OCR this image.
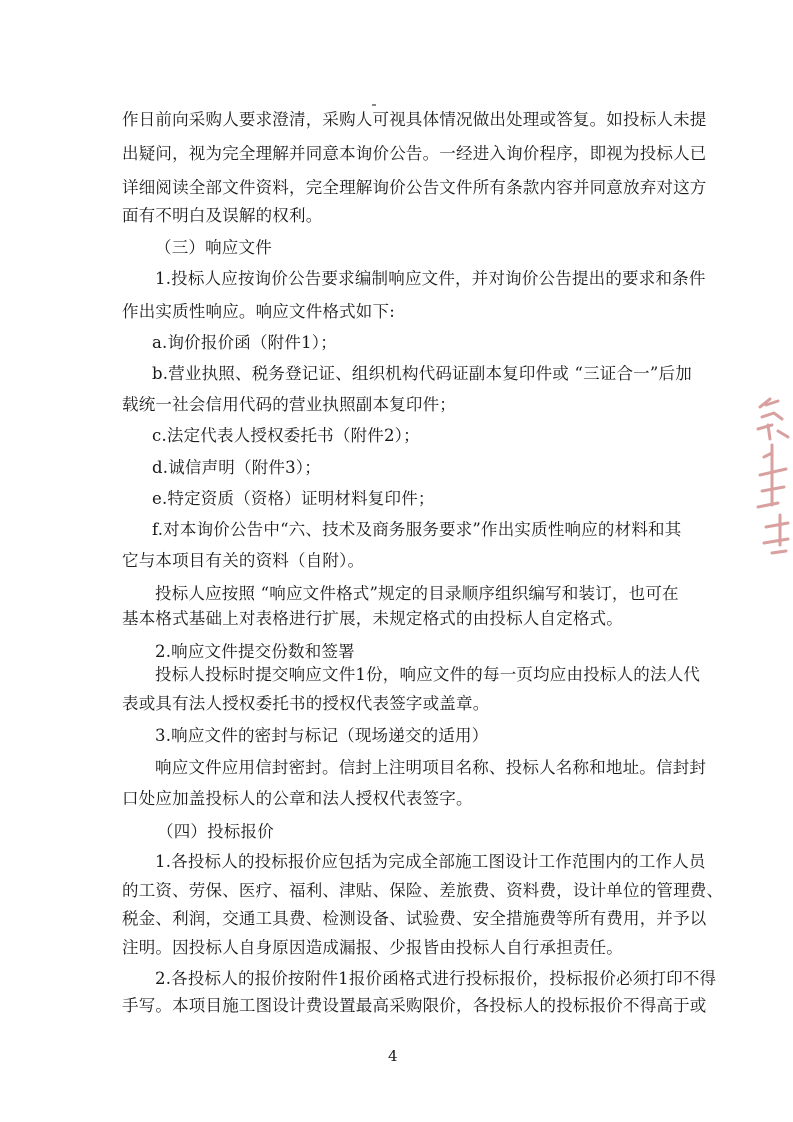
作日前向采购人要求澄清，采购人可视具体情况做出处理或答复。如投标人未提
出疑问，视为完全理解并同意本询价公告。一经进入询价程序，即视为投标人已
详细阅读全部文件资料，完全理解询价公告文件所有条款内容并同意放弃对这方
面有不明白及误解的权利。
（三）响应文件
1.投标人应按询价公告要求编制响应文件，并对询价公告提出的要求和条件
作出实质性响应。响应文件格式如下:
a.询价报价函（附件1）；
b.营业执照、税务登记证、组织机构代码证副本复印件或 “三证合一”后加
载统一社会信用代码的营业执照副本复印件；
c.法定代表人授权委托书（附件2）；
d.诚信声明（附件3）；
e.特定资质（资格）证明材料复印件；
f.对本询价公告中“六、技术及商务服务要求”作出实质性响应的材料和其
它与本项目有关的资料（自附）。
投标人应按照 “响应文件格式”规定的目录顺序组织编写和装订，也可在
基本格式基础上对表格进行扩展，未规定格式的由投标人自定格式。
2.响应文件提交份数和签署
投标人投标时提交响应文件1份，响应文件的每一页均应由投标人的法人代
表或具有法人授权委托书的授权代表签字或盖章。
3.响应文件的密封与标记（现场递交的适用）
响应文件应用信封密封。信封上注明项目名称、投标人名称和地址。信封封
口处应加盖投标人的公章和法人授权代表签字。
（四）投标报价
1.各投标人的投标报价应包括为完成全部施工图设计工作范围内的工作人员
的工资、劳保、医疗、福利、津贴、保险、差旅费、资料费，设计单位的管理费、
税金、利润，交通工具费、检测设备、试验费、安全措施费等所有费用，并予以
注明。因投标人自身原因造成漏报、少报皆由投标人自行承担责任。
2.各投标人的报价按附件1报价函格式进行投标报价，投标报价必须打印不得
手写。本项目施工图设计费设置最高采购限价，各投标人的投标报价不得高于或
4
